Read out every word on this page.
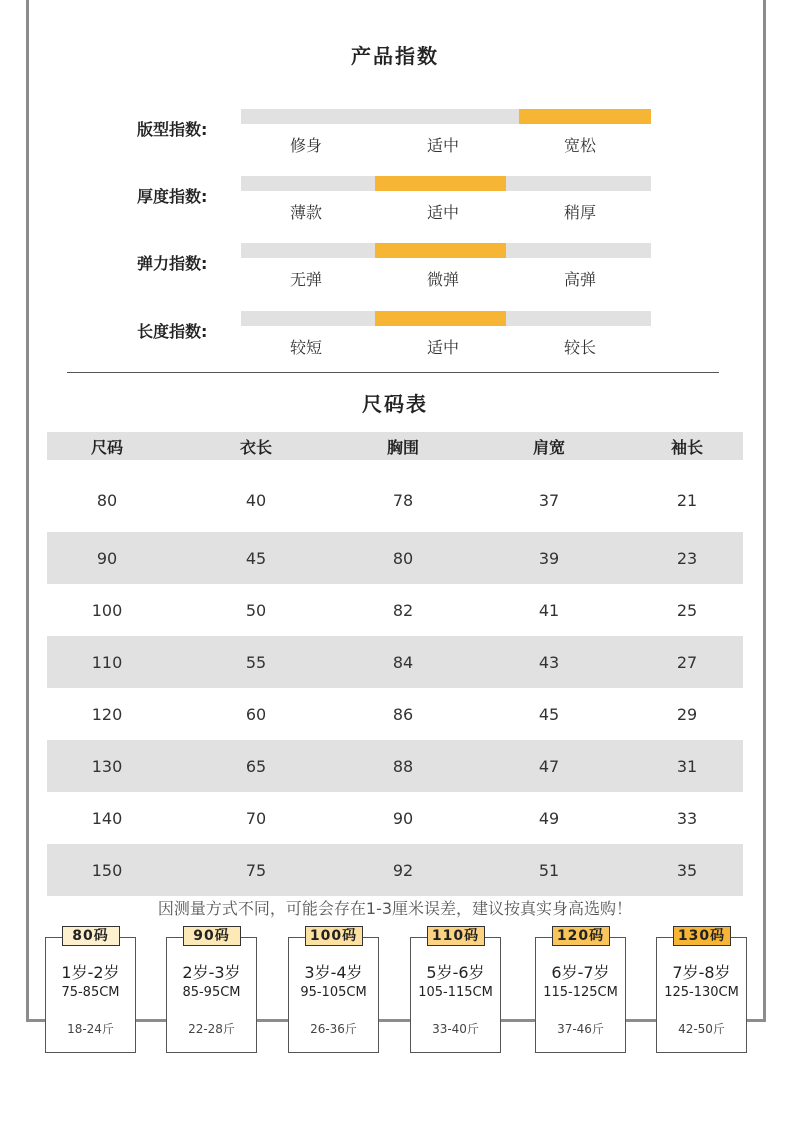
产品指数
版型指数:
修身	适中	宽松
厚度指数:
薄款	适中	稍厚
弹力指数:
无弹	微弹	高弹
长度指数:
较短	适中	较长
尺码表
尺码	衣长	胸围	肩宽	袖长
80	40	78	37	21
90	45	80	39	23
100	50	82	41	25
110	55	84	43	27
120	60	86	45	29
130	65	88	47	31
140	70	90	49	33
150	75	92	51	35
因测量方式不同，可能会存在1-3厘米误差，建议按真实身高选购！
80码
1岁-2岁
75-85CM
18-24斤
90码
2岁-3岁
85-95CM
22-28斤
100码
3岁-4岁
95-105CM
26-36斤
110码
5岁-6岁
105-115CM
33-40斤
120码
6岁-7岁
115-125CM
37-46斤
130码
7岁-8岁
125-130CM
42-50斤
